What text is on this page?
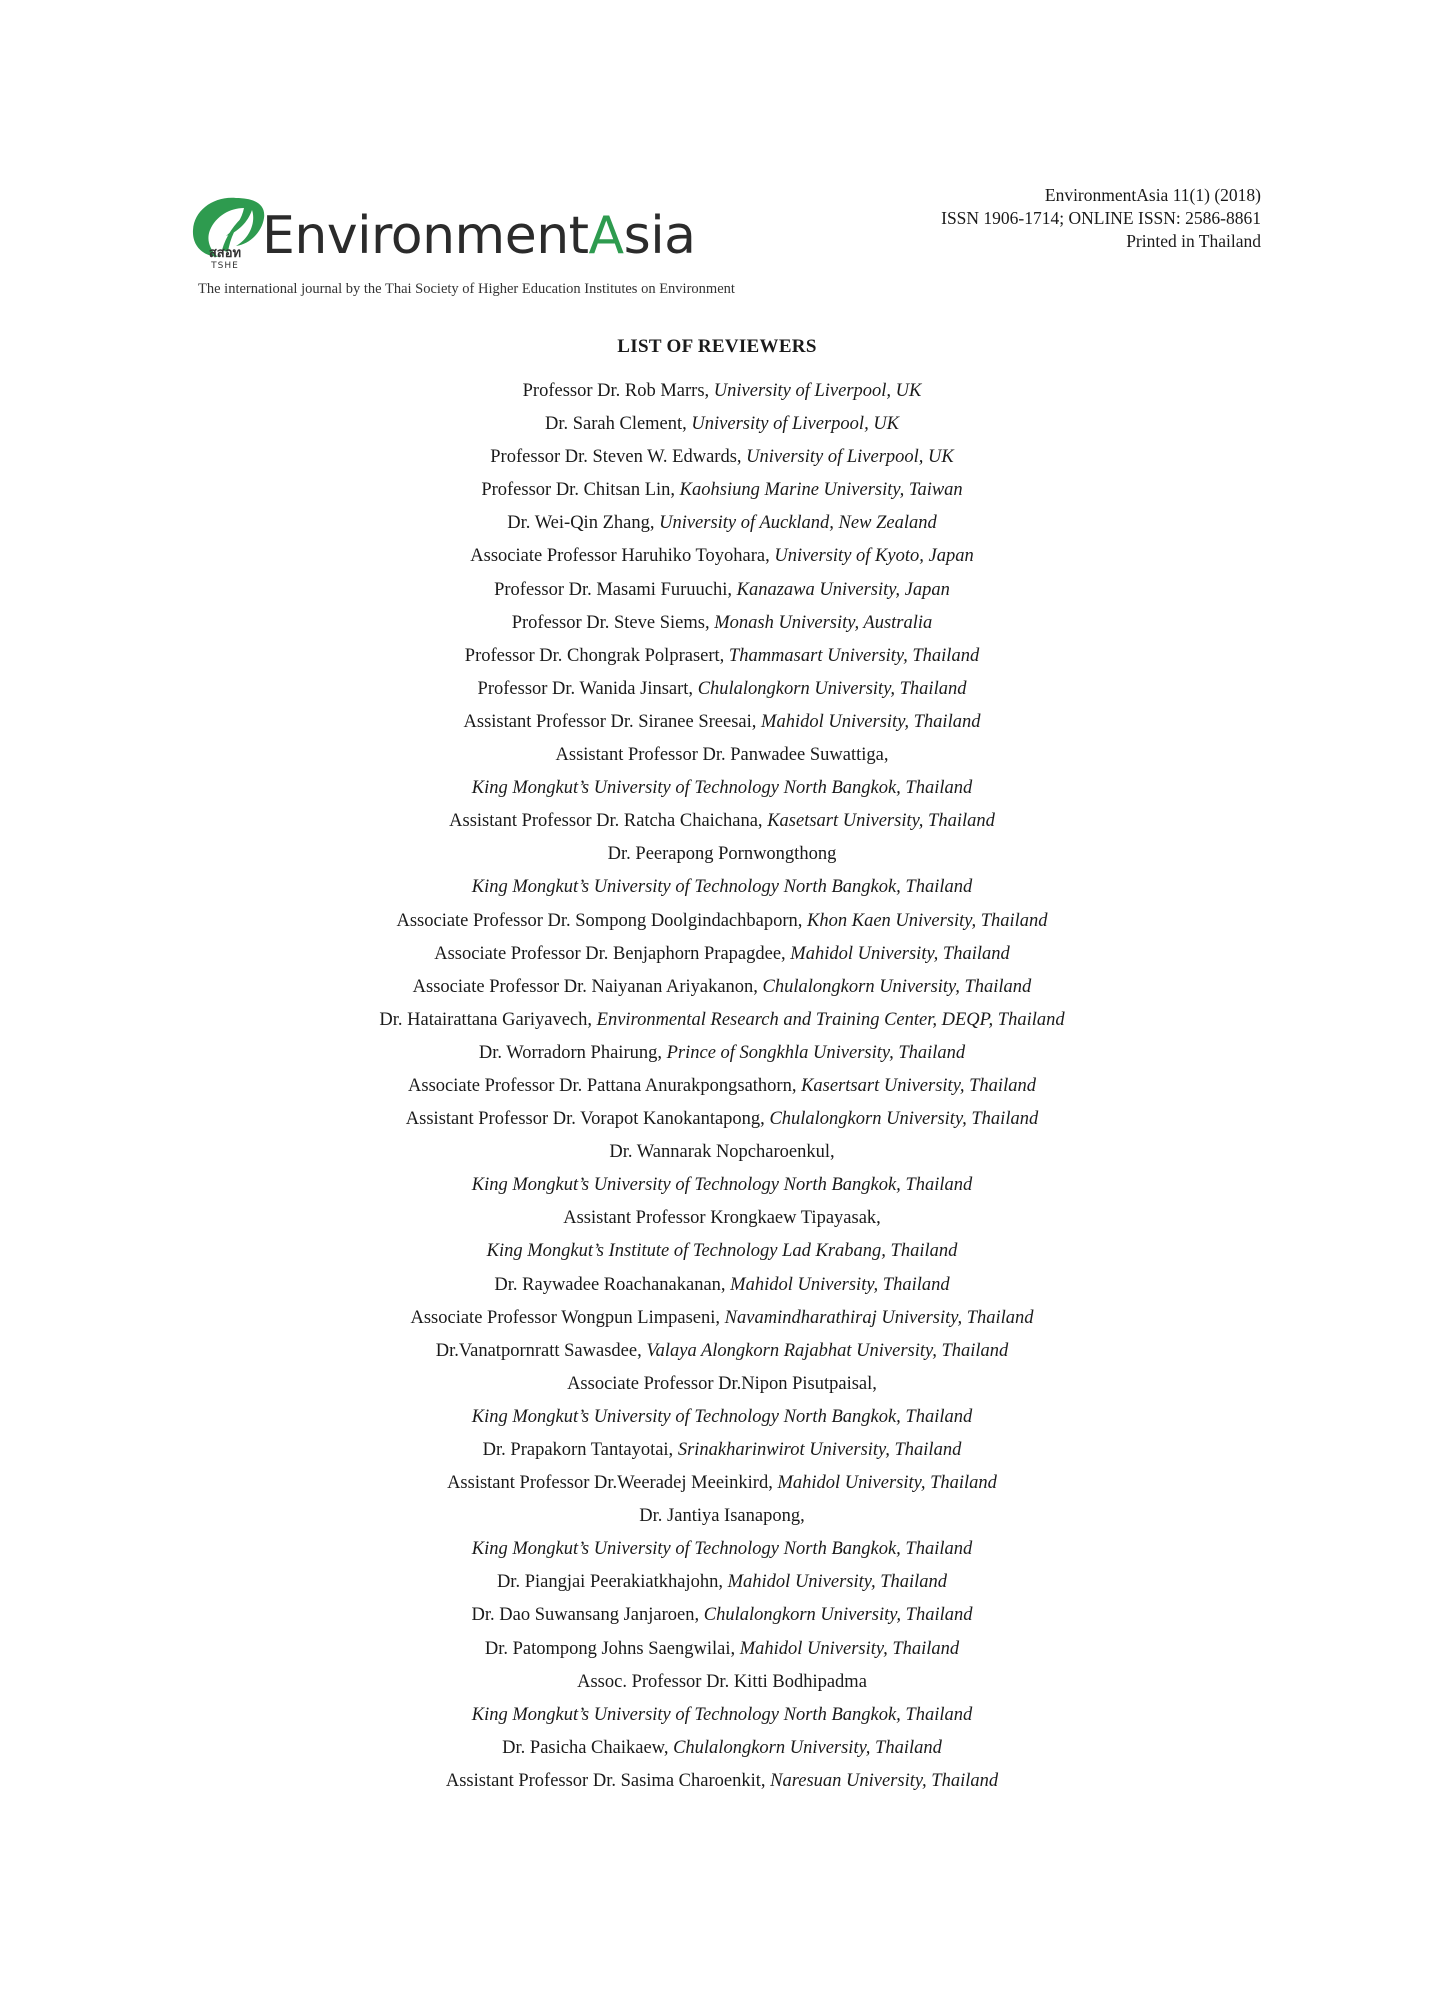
สสอท
TSHE EnvironmentAsia
The international journal by the Thai Society of Higher Education Institutes on Environment
EnvironmentAsia 11(1) (2018)
ISSN 1906-1714; ONLINE ISSN: 2586-8861
Printed in Thailand
LIST OF REVIEWERS
Professor Dr. Rob Marrs, University of Liverpool, UK
Dr. Sarah Clement, University of Liverpool, UK
Professor Dr. Steven W. Edwards, University of Liverpool, UK
Professor Dr. Chitsan Lin, Kaohsiung Marine University, Taiwan
Dr. Wei-Qin Zhang, University of Auckland, New Zealand
Associate Professor Haruhiko Toyohara, University of Kyoto, Japan
Professor Dr. Masami Furuuchi, Kanazawa University, Japan
Professor Dr. Steve Siems, Monash University, Australia
Professor Dr. Chongrak Polprasert, Thammasart University, Thailand
Professor Dr. Wanida Jinsart, Chulalongkorn University, Thailand
Assistant Professor Dr. Siranee Sreesai, Mahidol University, Thailand
Assistant Professor Dr. Panwadee Suwattiga,
King Mongkut’s University of Technology North Bangkok, Thailand
Assistant Professor Dr. Ratcha Chaichana, Kasetsart University, Thailand
Dr. Peerapong Pornwongthong
King Mongkut’s University of Technology North Bangkok, Thailand
Associate Professor Dr. Sompong Doolgindachbaporn, Khon Kaen University, Thailand
Associate Professor Dr. Benjaphorn Prapagdee, Mahidol University, Thailand
Associate Professor Dr. Naiyanan Ariyakanon, Chulalongkorn University, Thailand
Dr. Hatairattana Gariyavech, Environmental Research and Training Center, DEQP, Thailand
Dr. Worradorn Phairung, Prince of Songkhla University, Thailand
Associate Professor Dr. Pattana Anurakpongsathorn, Kasertsart University, Thailand
Assistant Professor Dr. Vorapot Kanokantapong, Chulalongkorn University, Thailand
Dr. Wannarak Nopcharoenkul,
King Mongkut’s University of Technology North Bangkok, Thailand
Assistant Professor Krongkaew Tipayasak,
King Mongkut’s Institute of Technology Lad Krabang, Thailand
Dr. Raywadee Roachanakanan, Mahidol University, Thailand
Associate Professor Wongpun Limpaseni, Navamindharathiraj University, Thailand
Dr.Vanatpornratt Sawasdee, Valaya Alongkorn Rajabhat University, Thailand
Associate Professor Dr.Nipon Pisutpaisal,
King Mongkut’s University of Technology North Bangkok, Thailand
Dr. Prapakorn Tantayotai, Srinakharinwirot University, Thailand
Assistant Professor Dr.Weeradej Meeinkird, Mahidol University, Thailand
Dr. Jantiya Isanapong,
King Mongkut’s University of Technology North Bangkok, Thailand
Dr. Piangjai Peerakiatkhajohn, Mahidol University, Thailand
Dr. Dao Suwansang Janjaroen, Chulalongkorn University, Thailand
Dr. Patompong Johns Saengwilai, Mahidol University, Thailand
Assoc. Professor Dr. Kitti Bodhipadma
King Mongkut’s University of Technology North Bangkok, Thailand
Dr. Pasicha Chaikaew, Chulalongkorn University, Thailand
Assistant Professor Dr. Sasima Charoenkit, Naresuan University, Thailand
